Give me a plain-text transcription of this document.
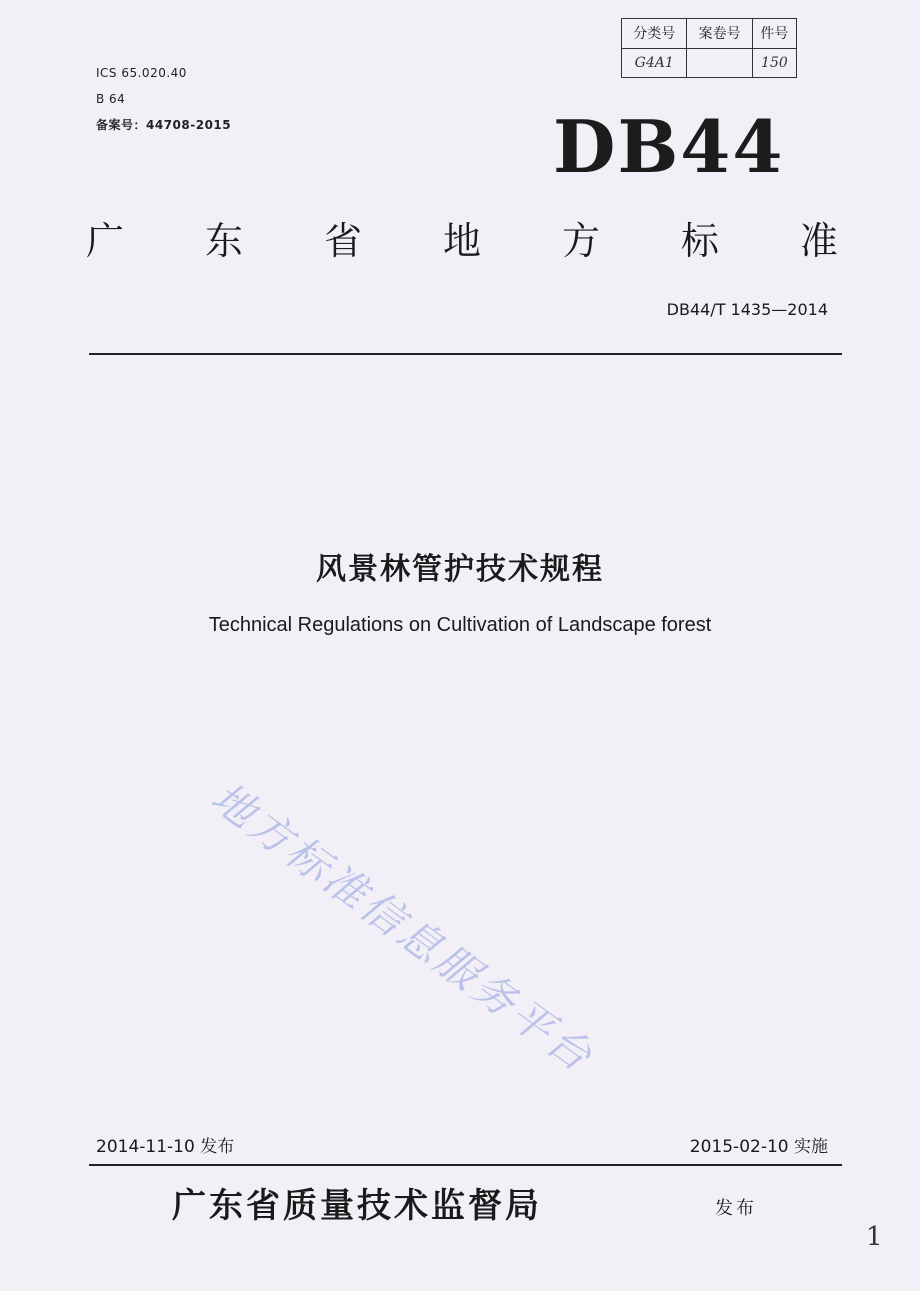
ICS 65.020.40
B 64
备案号：44708-2015
分类号	案卷号	件号
G4A1		150
DB44
广 东 省 地 方 标 准
DB44/T 1435—2014
风景林管护技术规程
Technical Regulations on Cultivation of Landscape forest
地方标准信息服务平台
2014-11-10 发布	2015-02-10 实施
广东省质量技术监督局	发布
1
